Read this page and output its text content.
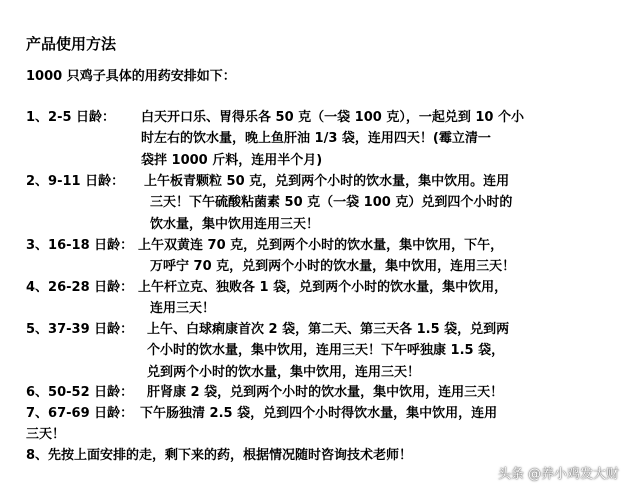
产品使用方法
1000 只鸡子具体的用药安排如下：
1、2-5 日龄： 白天开口乐、胃得乐各 50 克（一袋 100 克），一起兑到 10 个小
时左右的饮水量，晚上鱼肝油 1/3 袋，连用四天！(霉立清一
袋拌 1000 斤料，连用半个月)
2、9-11 日龄： 上午板青颗粒 50 克，兑到两个小时的饮水量，集中饮用。连用
三天！下午硫酸粘菌素 50 克（一袋 100 克）兑到四个小时的
饮水量，集中饮用连用三天！
3、16-18 日龄： 上午双黄连 70 克，兑到两个小时的饮水量，集中饮用，下午，
万呼宁 70 克，兑到两个小时的饮水量，集中饮用，连用三天！
4、26-28 日龄： 上午杆立克、独败各 1 袋，兑到两个小时的饮水量，集中饮用，
连用三天！
5、37-39 日龄： 上午、白球痢康首次 2 袋，第二天、第三天各 1.5 袋，兑到两
个小时的饮水量，集中饮用，连用三天！下午呼独康 1.5 袋，
兑到两个小时的饮水量，集中饮用，连用三天！
6、50-52 日龄： 肝肾康 2 袋，兑到两个小时的饮水量，集中饮用，连用三天！
7、67-69 日龄： 下午肠独清 2.5 袋，兑到四个小时得饮水量，集中饮用，连用
三天！
8、先按上面安排的走，剩下来的药，根据情况随时咨询技术老师！
头条 @养小鸡发大财
